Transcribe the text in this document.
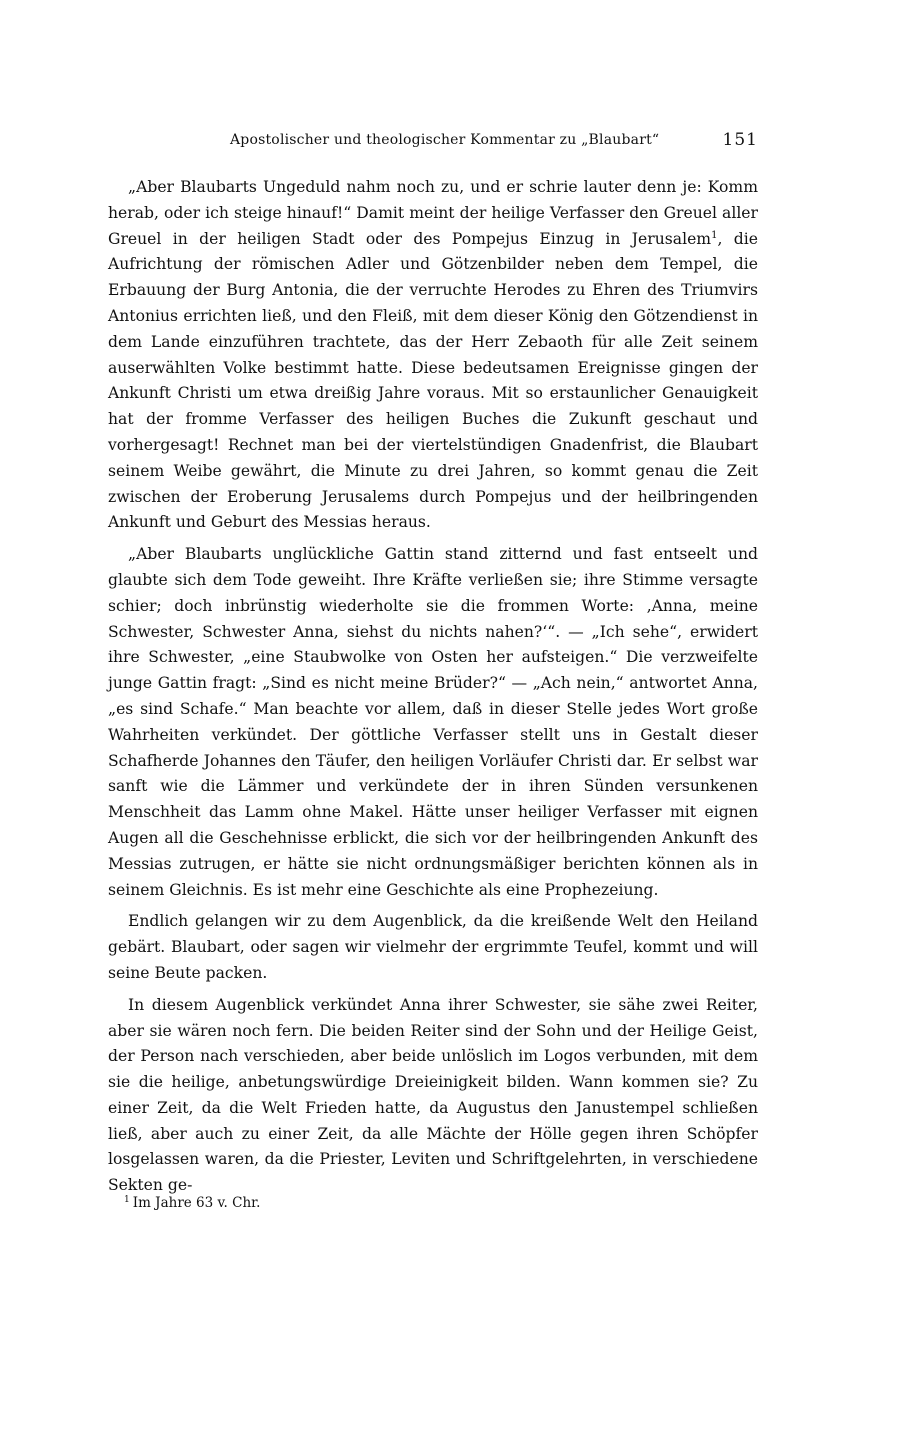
Apostolischer und theologischer Kommentar zu „Blaubart“	151

„Aber Blaubarts Ungeduld nahm noch zu, und er schrie lauter denn je: Komm herab, oder ich steige hinauf!“ Damit meint der heilige Verfasser den Greuel aller Greuel in der heiligen Stadt oder des Pompejus Einzug in Jerusalem$^1$, die Aufrichtung der römischen Adler und Götzenbilder neben dem Tempel, die Erbauung der Burg Antonia, die der verruchte Herodes zu Ehren des Triumvirs Antonius errichten ließ, und den Fleiß, mit dem dieser König den Götzendienst in dem Lande einzuführen trachtete, das der Herr Zebaoth für alle Zeit seinem auserwählten Volke bestimmt hatte. Diese bedeutsamen Ereignisse gingen der Ankunft Christi um etwa dreißig Jahre voraus. Mit so erstaunlicher Genauigkeit hat der fromme Verfasser des heiligen Buches die Zukunft geschaut und vorhergesagt! Rechnet man bei der viertelstündigen Gnadenfrist, die Blaubart seinem Weibe gewährt, die Minute zu drei Jahren, so kommt genau die Zeit zwischen der Eroberung Jerusalems durch Pompejus und der heilbringenden Ankunft und Geburt des Messias heraus.

„Aber Blaubarts unglückliche Gattin stand zitternd und fast entseelt und glaubte sich dem Tode geweiht. Ihre Kräfte verließen sie; ihre Stimme versagte schier; doch inbrünstig wiederholte sie die frommen Worte: ‚Anna, meine Schwester, Schwester Anna, siehst du nichts nahen?‘“. — „Ich sehe“, erwidert ihre Schwester, „eine Staubwolke von Osten her aufsteigen.“ Die verzweifelte junge Gattin fragt: „Sind es nicht meine Brüder?“ — „Ach nein,“ antwortet Anna, „es sind Schafe.“ Man beachte vor allem, daß in dieser Stelle jedes Wort große Wahrheiten verkündet. Der göttliche Verfasser stellt uns in Gestalt dieser Schafherde Johannes den Täufer, den heiligen Vorläufer Christi dar. Er selbst war sanft wie die Lämmer und verkündete der in ihren Sünden versunkenen Menschheit das Lamm ohne Makel. Hätte unser heiliger Verfasser mit eignen Augen all die Geschehnisse erblickt, die sich vor der heilbringenden Ankunft des Messias zutrugen, er hätte sie nicht ordnungsmäßiger berichten können als in seinem Gleichnis. Es ist mehr eine Geschichte als eine Prophezeiung.

Endlich gelangen wir zu dem Augenblick, da die kreißende Welt den Heiland gebärt. Blaubart, oder sagen wir vielmehr der ergrimmte Teufel, kommt und will seine Beute packen.

In diesem Augenblick verkündet Anna ihrer Schwester, sie sähe zwei Reiter, aber sie wären noch fern. Die beiden Reiter sind der Sohn und der Heilige Geist, der Person nach verschieden, aber beide unlöslich im Logos verbunden, mit dem sie die heilige, anbetungswürdige Dreieinigkeit bilden. Wann kommen sie? Zu einer Zeit, da die Welt Frieden hatte, da Augustus den Janustempel schließen ließ, aber auch zu einer Zeit, da alle Mächte der Hölle gegen ihren Schöpfer losgelassen waren, da die Priester, Leviten und Schriftgelehrten, in verschiedene Sekten ge-

$^1$ Im Jahre 63 v. Chr.
